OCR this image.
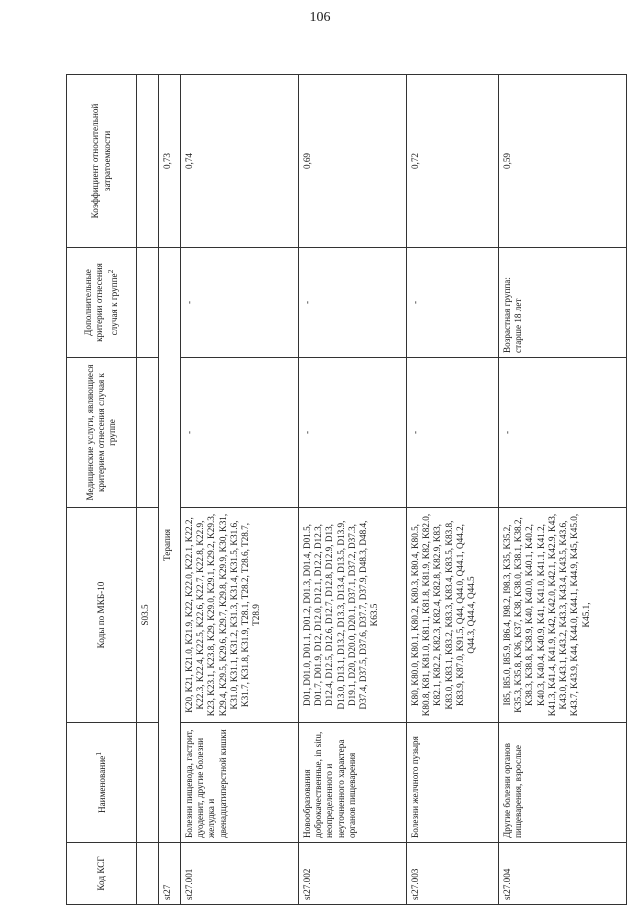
106
Код КСГ	Наименование$^1$	Коды по МКБ-10	Медицинские услуги, являющиеся критерием отнесения случая к группе	Дополнительные критерии отнесения случая к группе$^2$	Коэффициент относительной затратоемкости
		S03.5			
st27	Терапия				0,73
st27.001	Болезни пищевода, гастрит, дуоденит, другие болезни желудка и двенадцатиперстной кишки	K20, K21, K21.0, K21.9, K22, K22.0, K22.1, K22.2, K22.3, K22.4, K22.5, K22.6, K22.7, K22.8, K22.9, K23, K23.1, K23.8, K29, K29.0, K29.1, K29.2, K29.3, K29.4, K29.5, K29.6, K29.7, K29.8, K29.9, K30, K31, K31.0, K31.1, K31.2, K31.3, K31.4, K31.5, K31.6, K31.7, K31.8, K31.9, T28.1, T28.2, T28.6, T28.7, T28.9	-	-	0,74
st27.002	Новообразования доброкачественные, in situ, неопределенного и неуточненного характера органов пищеварения	D01, D01.0, D01.1, D01.2, D01.3, D01.4, D01.5, D01.7, D01.9, D12, D12.0, D12.1, D12.2, D12.3, D12.4, D12.5, D12.6, D12.7, D12.8, D12.9, D13, D13.0, D13.1, D13.2, D13.3, D13.4, D13.5, D13.9, D19.1, D20, D20.0, D20.1, D37.1, D37.2, D37.3, D37.4, D37.5, D37.6, D37.7, D37.9, D48.3, D48.4, K63.5	-	-	0,69
st27.003	Болезни желчного пузыря	K80, K80.0, K80.1, K80.2, K80.3, K80.4, K80.5, K80.8, K81, K81.0, K81.1, K81.8, K81.9, K82, K82.0, K82.1, K82.2, K82.3, K82.4, K82.8, K82.9, K83, K83.0, K83.1, K83.2, K83.3, K83.4, K83.5, K83.8, K83.9, K87.0, K91.5, Q44, Q44.0, Q44.1, Q44.2, Q44.3, Q44.4, Q44.5	-	-	0,72
st27.004	Другие болезни органов пищеварения, взрослые	I85, I85.0, I85.9, I86.4, I98.2, I98.3, K35, K35.2, K35.3, K35.8, K36, K37, K38, K38.0, K38.1, K38.2, K38.3, K38.8, K38.9, K40, K40.0, K40.1, K40.2, K40.3, K40.4, K40.9, K41, K41.0, K41.1, K41.2, K41.3, K41.4, K41.9, K42, K42.0, K42.1, K42.9, K43, K43.0, K43.1, K43.2, K43.3, K43.4, K43.5, K43.6, K43.7, K43.9, K44, K44.0, K44.1, K44.9, K45, K45.0, K45.1,	-	Возрастная группа: старше 18 лет	0,59
